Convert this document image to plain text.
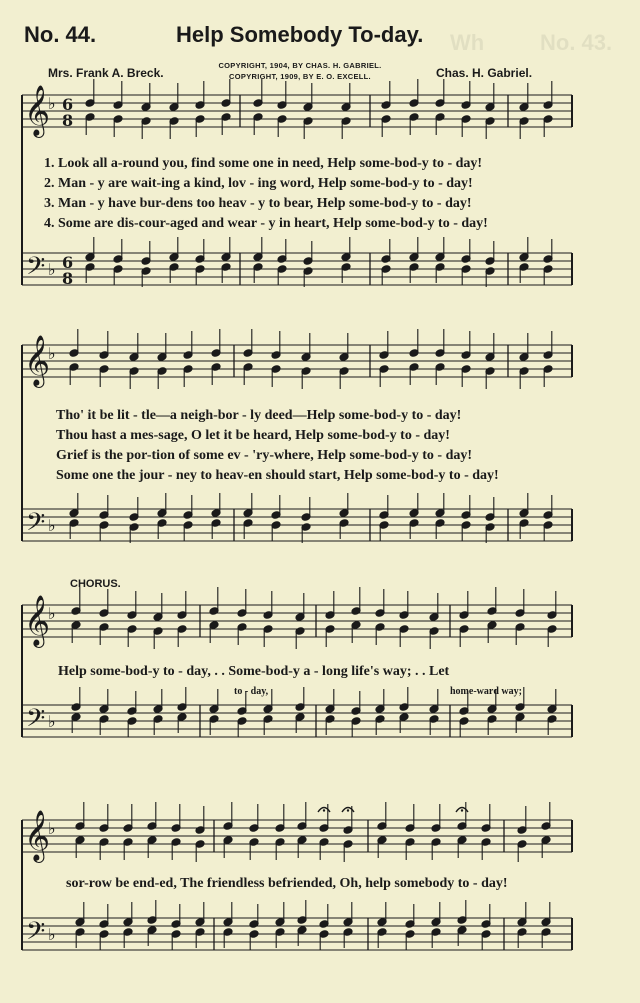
Wh	No. 43.
No. 44.	Help Somebody To-day.
Mrs. Frank A. Breck.	Chas. H. Gabriel.
COPYRIGHT, 1904, BY CHAS. H. GABRIEL.
COPYRIGHT, 1909, BY E. O. EXCELL.
𝄞
𝄢
♭
♭
6
8
6
8
1. Look all a-round you, find some one in need, Help some-bod-y to - day!
2. Man - y are wait-ing a kind, lov - ing word, Help some-bod-y to - day!
3. Man - y have bur-dens too heav - y to bear, Help some-bod-y to - day!
4. Some are dis-cour-aged and wear - y in heart, Help some-bod-y to - day!
𝄞
𝄢
♭
♭
Tho' it be lit - tle—a neigh-bor - ly deed—Help some-bod-y to - day!
Thou hast a mes-sage, O let it be heard, Help some-bod-y to - day!
Grief is the por-tion of some ev - 'ry-where, Help some-bod-y to - day!
Some one the jour - ney to heav-en should start, Help some-bod-y to - day!
CHORUS.
𝄞
𝄢
♭
♭
Help some-bod-y to - day, . . Some-bod-y a - long life's way; . . Let
to - day,	home-ward way;
𝄞
𝄢
♭
♭
sor-row be end-ed, The friendless befriended, Oh, help somebody to - day!
